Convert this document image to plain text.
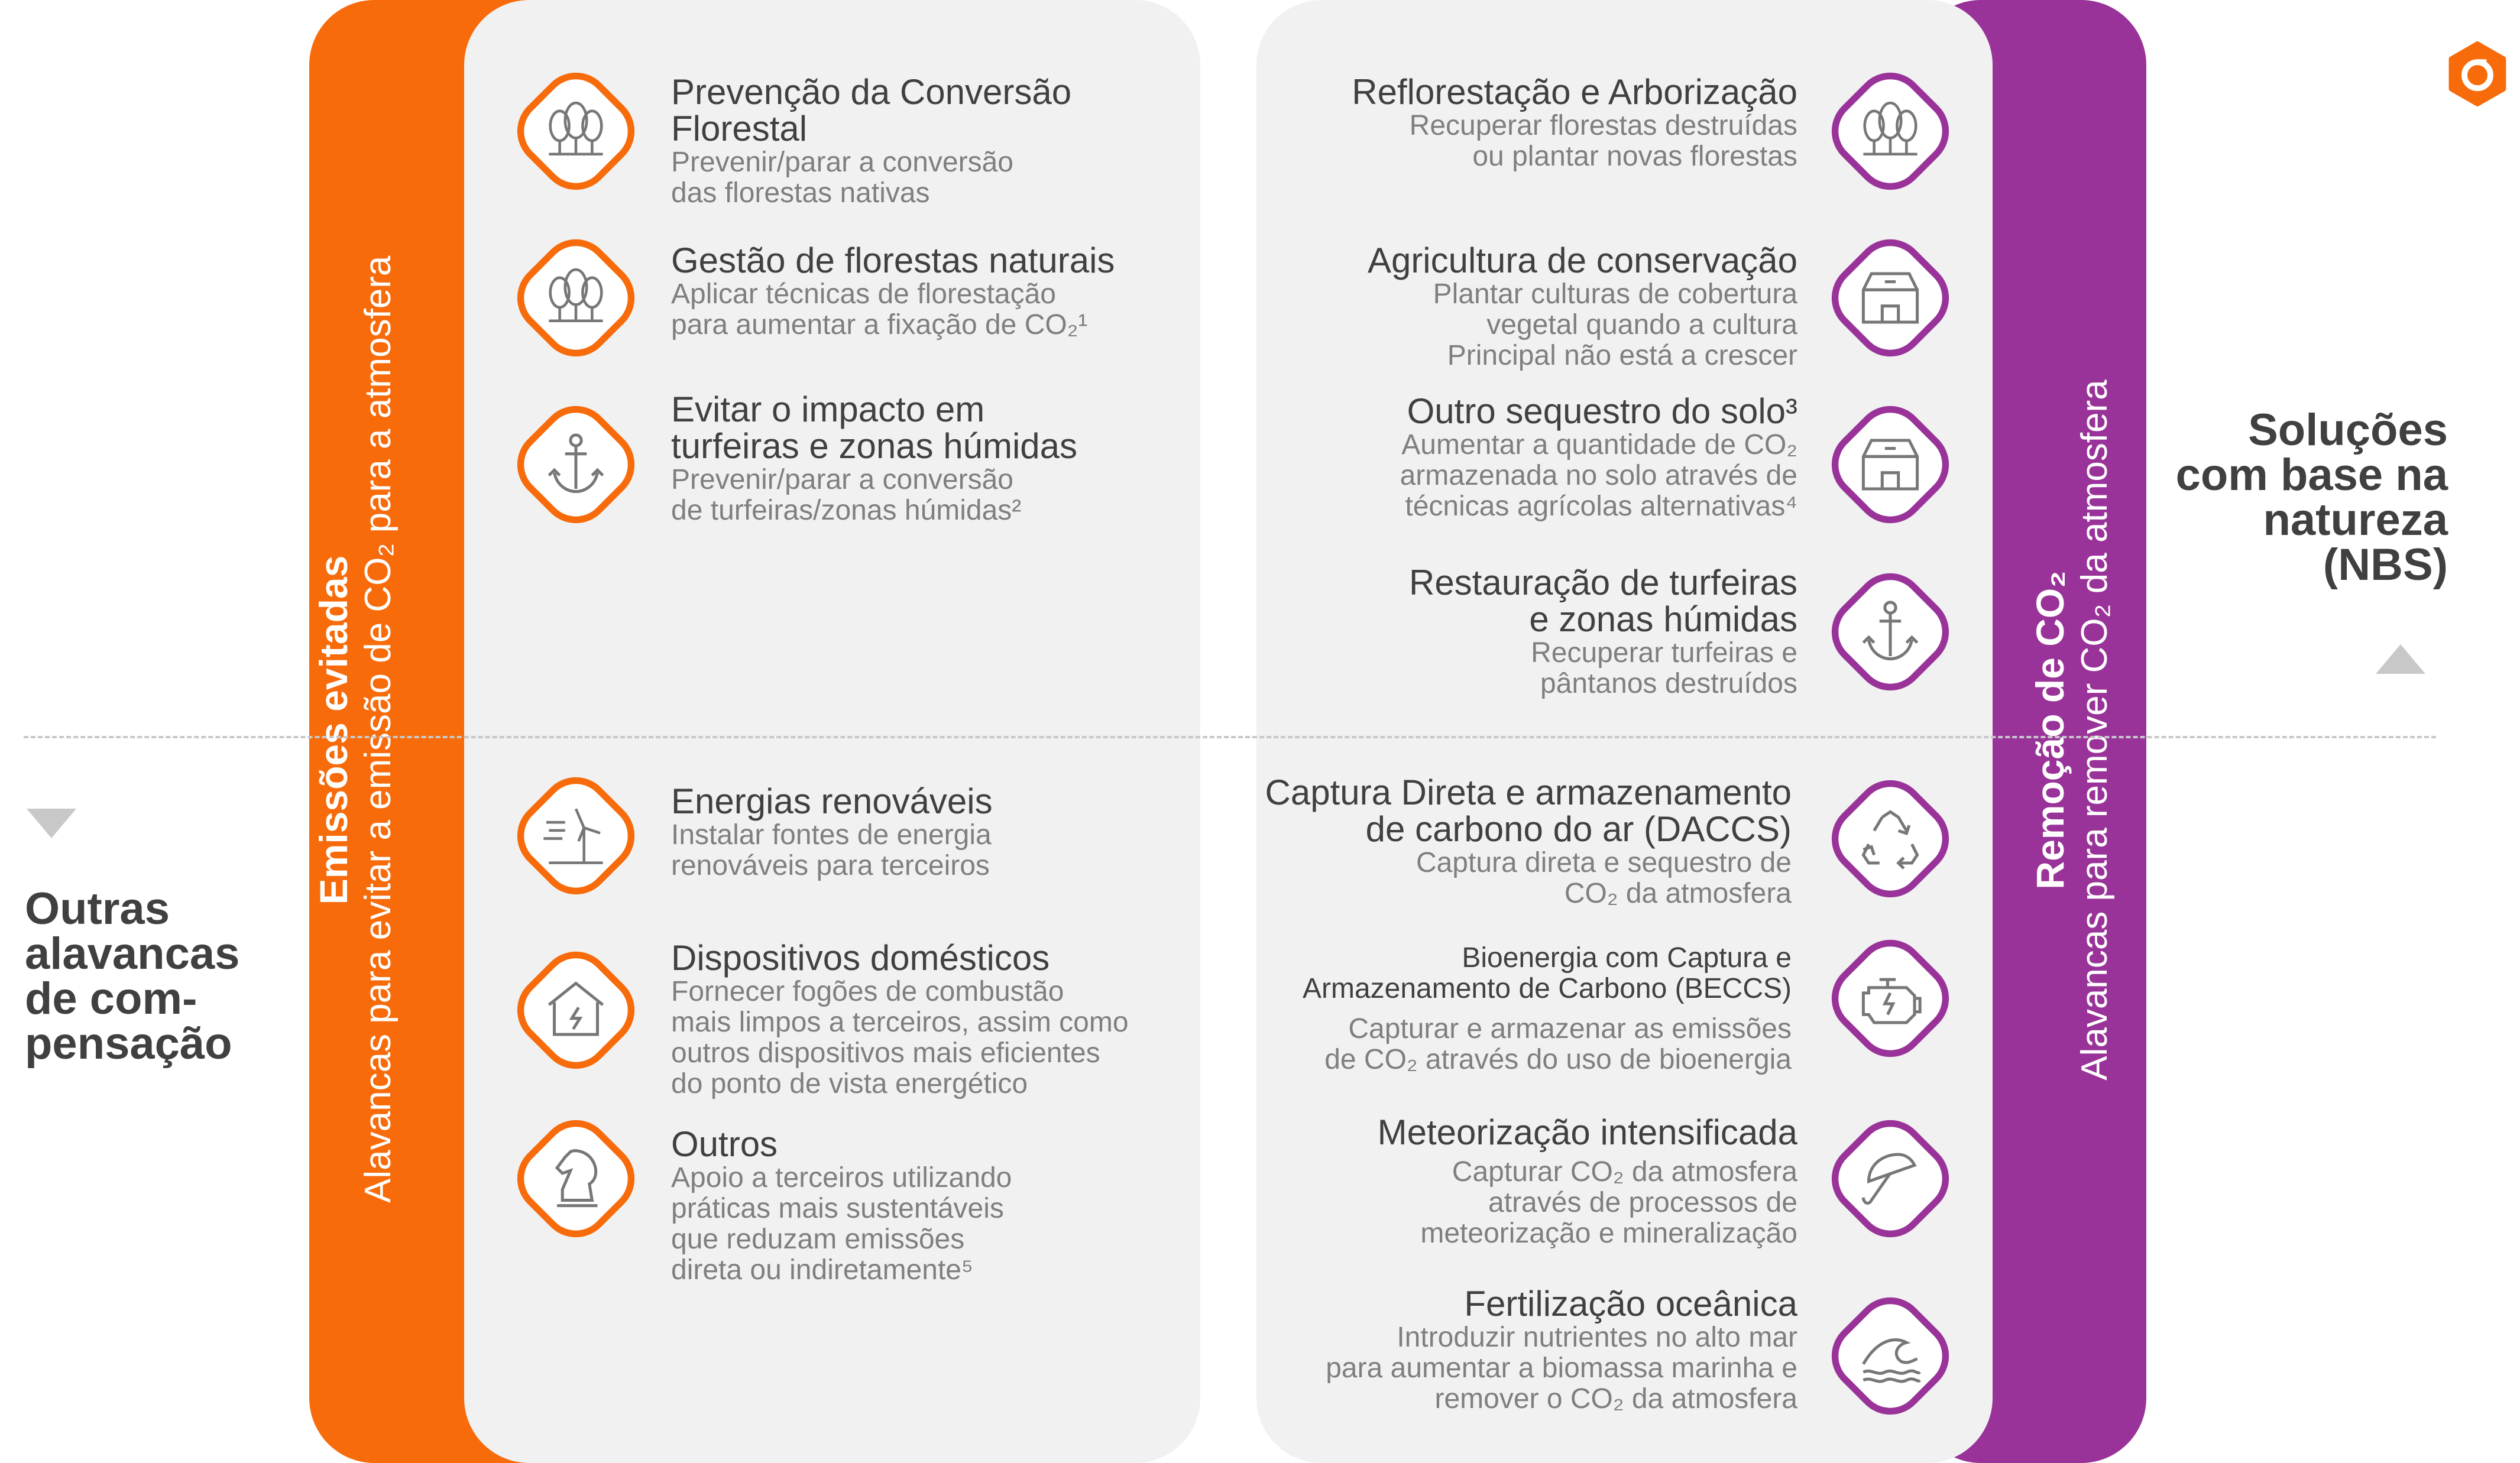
Emissões evitadas Alavancas para evitar a emissão de CO₂ para a atmosfera	Remoção de CO₂ Alavancas para remover CO₂ da atmosfera
Outras
alavancas
de com-
pensação
Soluções
com base na
natureza
(NBS)
Prevenção da Conversão Florestal
Prevenir/parar a conversão
das florestas nativas
Gestão de florestas naturais
Aplicar técnicas de florestação
para aumentar a fixação de CO₂¹
Evitar o impacto em
turfeiras e zonas húmidas
Prevenir/parar a conversão
de turfeiras/zonas húmidas²
Energias renováveis
Instalar fontes de energia
renováveis para terceiros
Dispositivos domésticos
Fornecer fogões de combustão
mais limpos a terceiros, assim como
outros dispositivos mais eficientes
do ponto de vista energético
Outros
Apoio a terceiros utilizando
práticas mais sustentáveis
que reduzam emissões
direta ou indiretamente⁵
Reflorestação e Arborização
Recuperar florestas destruídas
ou plantar novas florestas
Agricultura de conservação
Plantar culturas de cobertura
vegetal quando a cultura
Principal não está a crescer
Outro sequestro do solo³
Aumentar a quantidade de CO₂
armazenada no solo através de
técnicas agrícolas alternativas⁴
Restauração de turfeiras
e zonas húmidas
Recuperar turfeiras e
pântanos destruídos
Captura Direta e armazenamento
de carbono do ar (DACCS)
Captura direta e sequestro de
CO₂ da atmosfera
Bioenergia com Captura e
Armazenamento de Carbono (BECCS)
Capturar e armazenar as emissões
de CO₂ através do uso de bioenergia
Meteorização intensificada
Capturar CO₂ da atmosfera
através de processos de
meteorização e mineralização
Fertilização oceânica
Introduzir nutrientes no alto mar
para aumentar a biomassa marinha e
remover o CO₂ da atmosfera
